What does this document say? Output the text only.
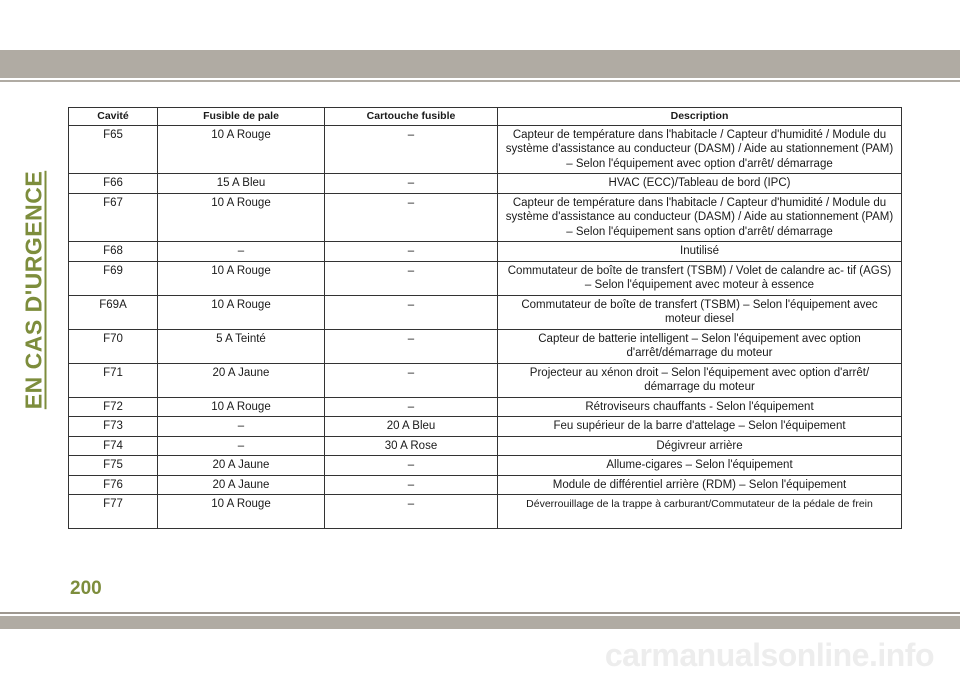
EN CAS D'URGENCE
Cavité	Fusible de pale	Cartouche fusible	Description
F65	10 A Rouge	–	Capteur de température dans l'habitacle / Capteur d'humidité / Module du système d'assistance au conducteur (DASM) / Aide au stationnement (PAM) – Selon l'équipement avec option d'arrêt/ démarrage
F66	15 A Bleu	–	HVAC (ECC)/Tableau de bord (IPC)
F67	10 A Rouge	–	Capteur de température dans l'habitacle / Capteur d'humidité / Module du système d'assistance au conducteur (DASM) / Aide au stationnement (PAM) – Selon l'équipement sans option d'arrêt/ démarrage
F68	–	–	Inutilisé
F69	10 A Rouge	–	Commutateur de boîte de transfert (TSBM) / Volet de calandre ac- tif (AGS) – Selon l'équipement avec moteur à essence
F69A	10 A Rouge	–	Commutateur de boîte de transfert (TSBM) – Selon l'équipement avec moteur diesel
F70	5 A Teinté	–	Capteur de batterie intelligent – Selon l'équipement avec option d'arrêt/démarrage du moteur
F71	20 A Jaune	–	Projecteur au xénon droit – Selon l'équipement avec option d'arrêt/ démarrage du moteur
F72	10 A Rouge	–	Rétroviseurs chauffants - Selon l'équipement
F73	–	20 A Bleu	Feu supérieur de la barre d'attelage – Selon l'équipement
F74	–	30 A Rose	Dégivreur arrière
F75	20 A Jaune	–	Allume-cigares – Selon l'équipement
F76	20 A Jaune	–	Module de différentiel arrière (RDM) – Selon l'équipement
F77	10 A Rouge	–	Déverrouillage de la trappe à carburant/Commutateur de la pédale de frein
200
carmanualsonline.info
